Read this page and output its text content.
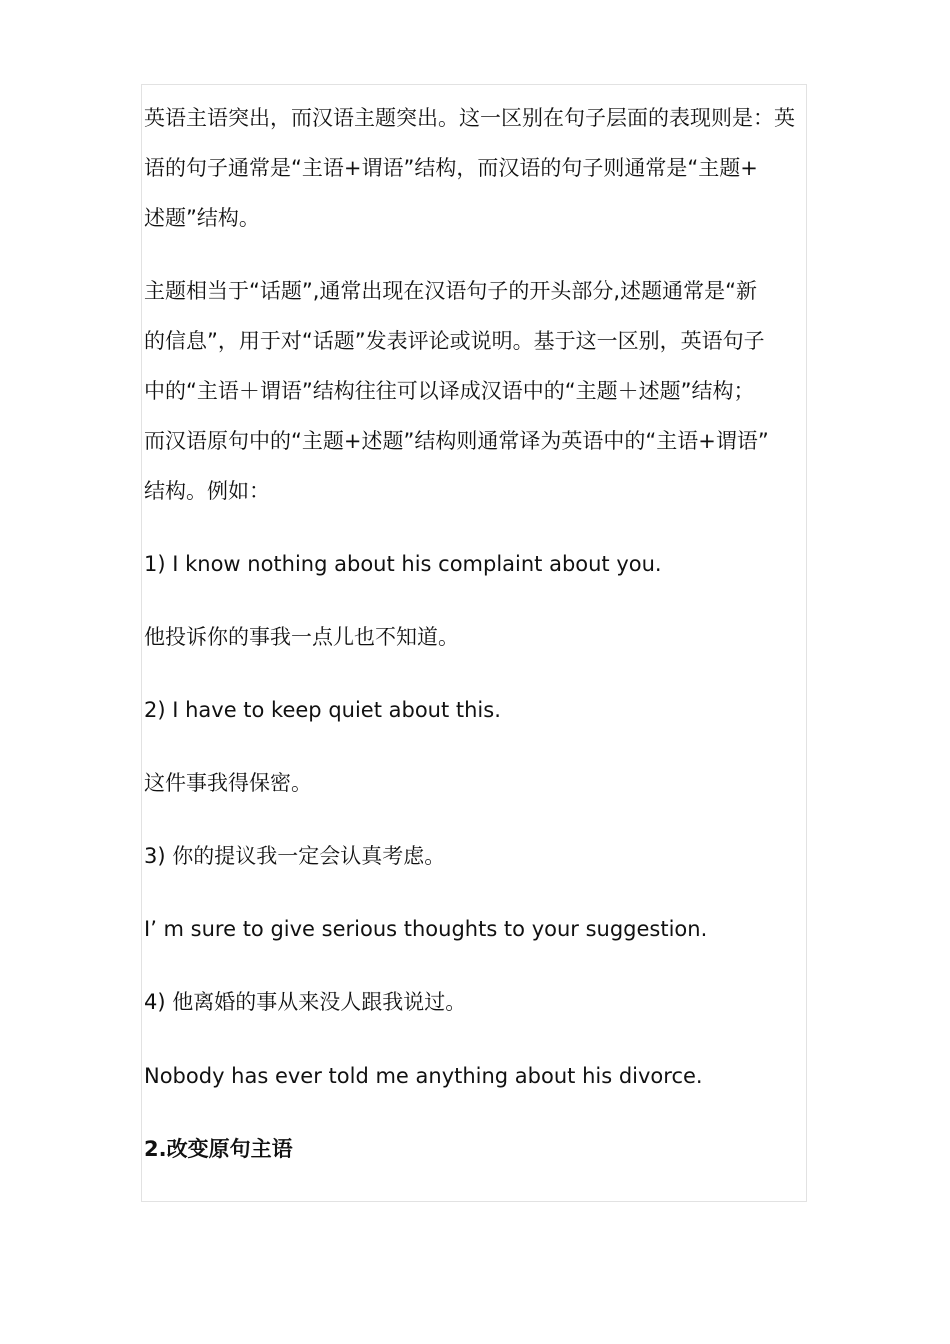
英语主语突出，而汉语主题突出。这一区别在句子层面的表现则是：英
语的句子通常是“主语+谓语”结构，而汉语的句子则通常是“主题+
述题”结构。
主题相当于“话题”,通常出现在汉语句子的开头部分,述题通常是“新
的信息”，用于对“话题”发表评论或说明。基于这一区别，英语句子
中的“主语＋谓语”结构往往可以译成汉语中的“主题＋述题”结构；
而汉语原句中的“主题+述题”结构则通常译为英语中的“主语+谓语”
结构。例如：
1) I know nothing about his complaint about you.
他投诉你的事我一点儿也不知道。
2) I have to keep quiet about this.
这件事我得保密。
3) 你的提议我一定会认真考虑。
I’ m sure to give serious thoughts to your suggestion.
4) 他离婚的事从来没人跟我说过。
Nobody has ever told me anything about his divorce.
2.改变原句主语
